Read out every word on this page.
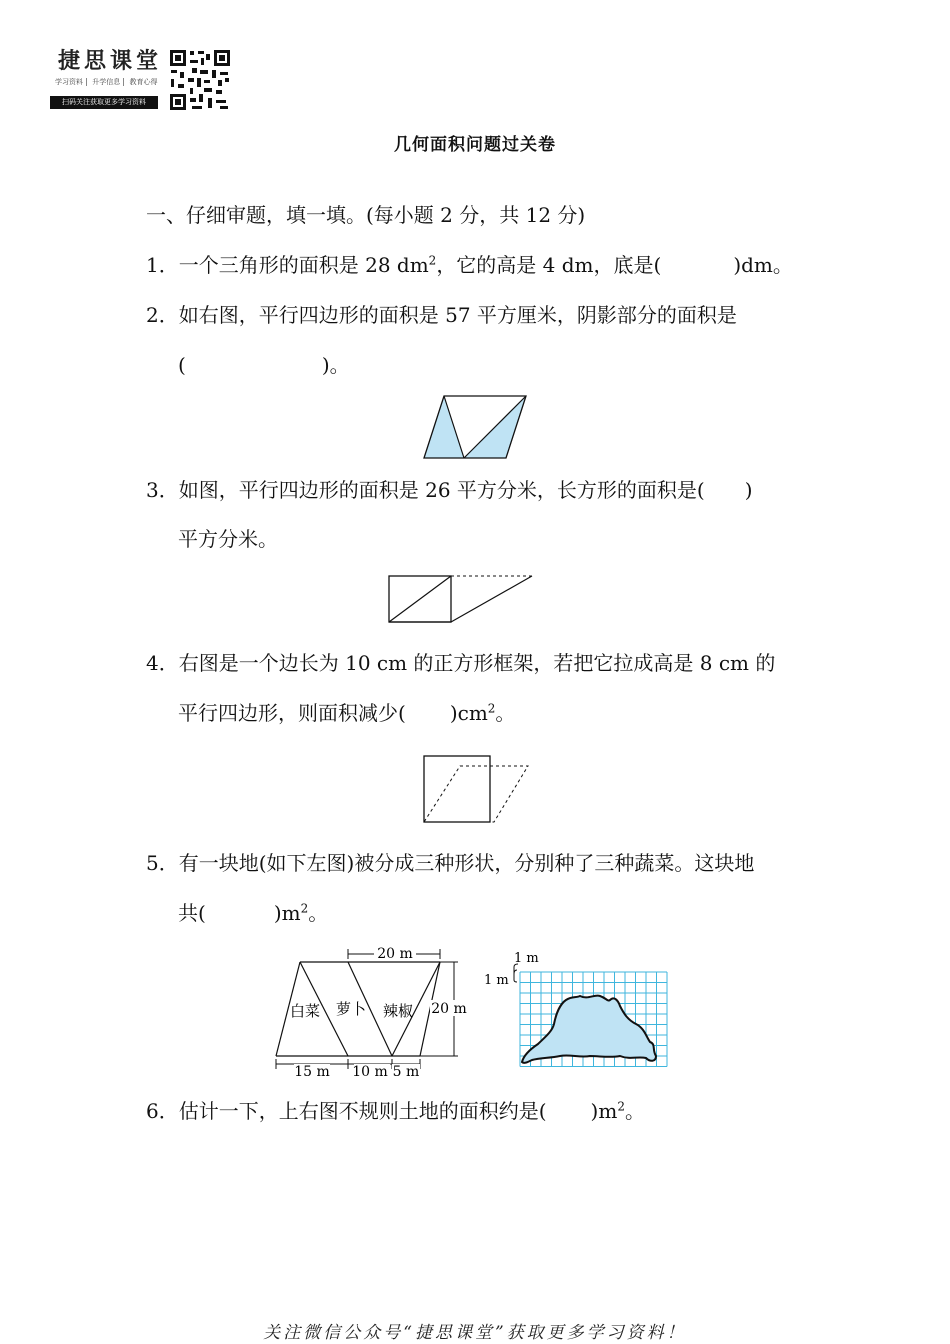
捷思课堂
学习资料 升学信息 教育心得
扫码关注获取更多学习资料
几何面积问题过关卷
一、仔细审题，填一填。(每小题 2 分，共 12 分)
1．一个三角形的面积是 28 $dm^2$，它的高是 4 dm，底是(	)dm。
2．如右图，平行四边形的面积是 57 平方厘米，阴影部分的面积是
(	)。
3．如图，平行四边形的面积是 26 平方分米，长方形的面积是( )
平方分米。
4．右图是一个边长为 10 cm 的正方形框架，若把它拉成高是 8 cm 的
平行四边形，则面积减少( )$cm^2$。
5．有一块地(如下左图)被分成三种形状，分别种了三种蔬菜。这块地
共(	)$m^2$。
20 m
20 m
白菜 萝卜 辣椒
15 m 10 m 5 m
1 m
1 m
6．估计一下，上右图不规则土地的面积约是( )$m^2$。
关注微信公众号“捷思课堂”获取更多学习资料！
